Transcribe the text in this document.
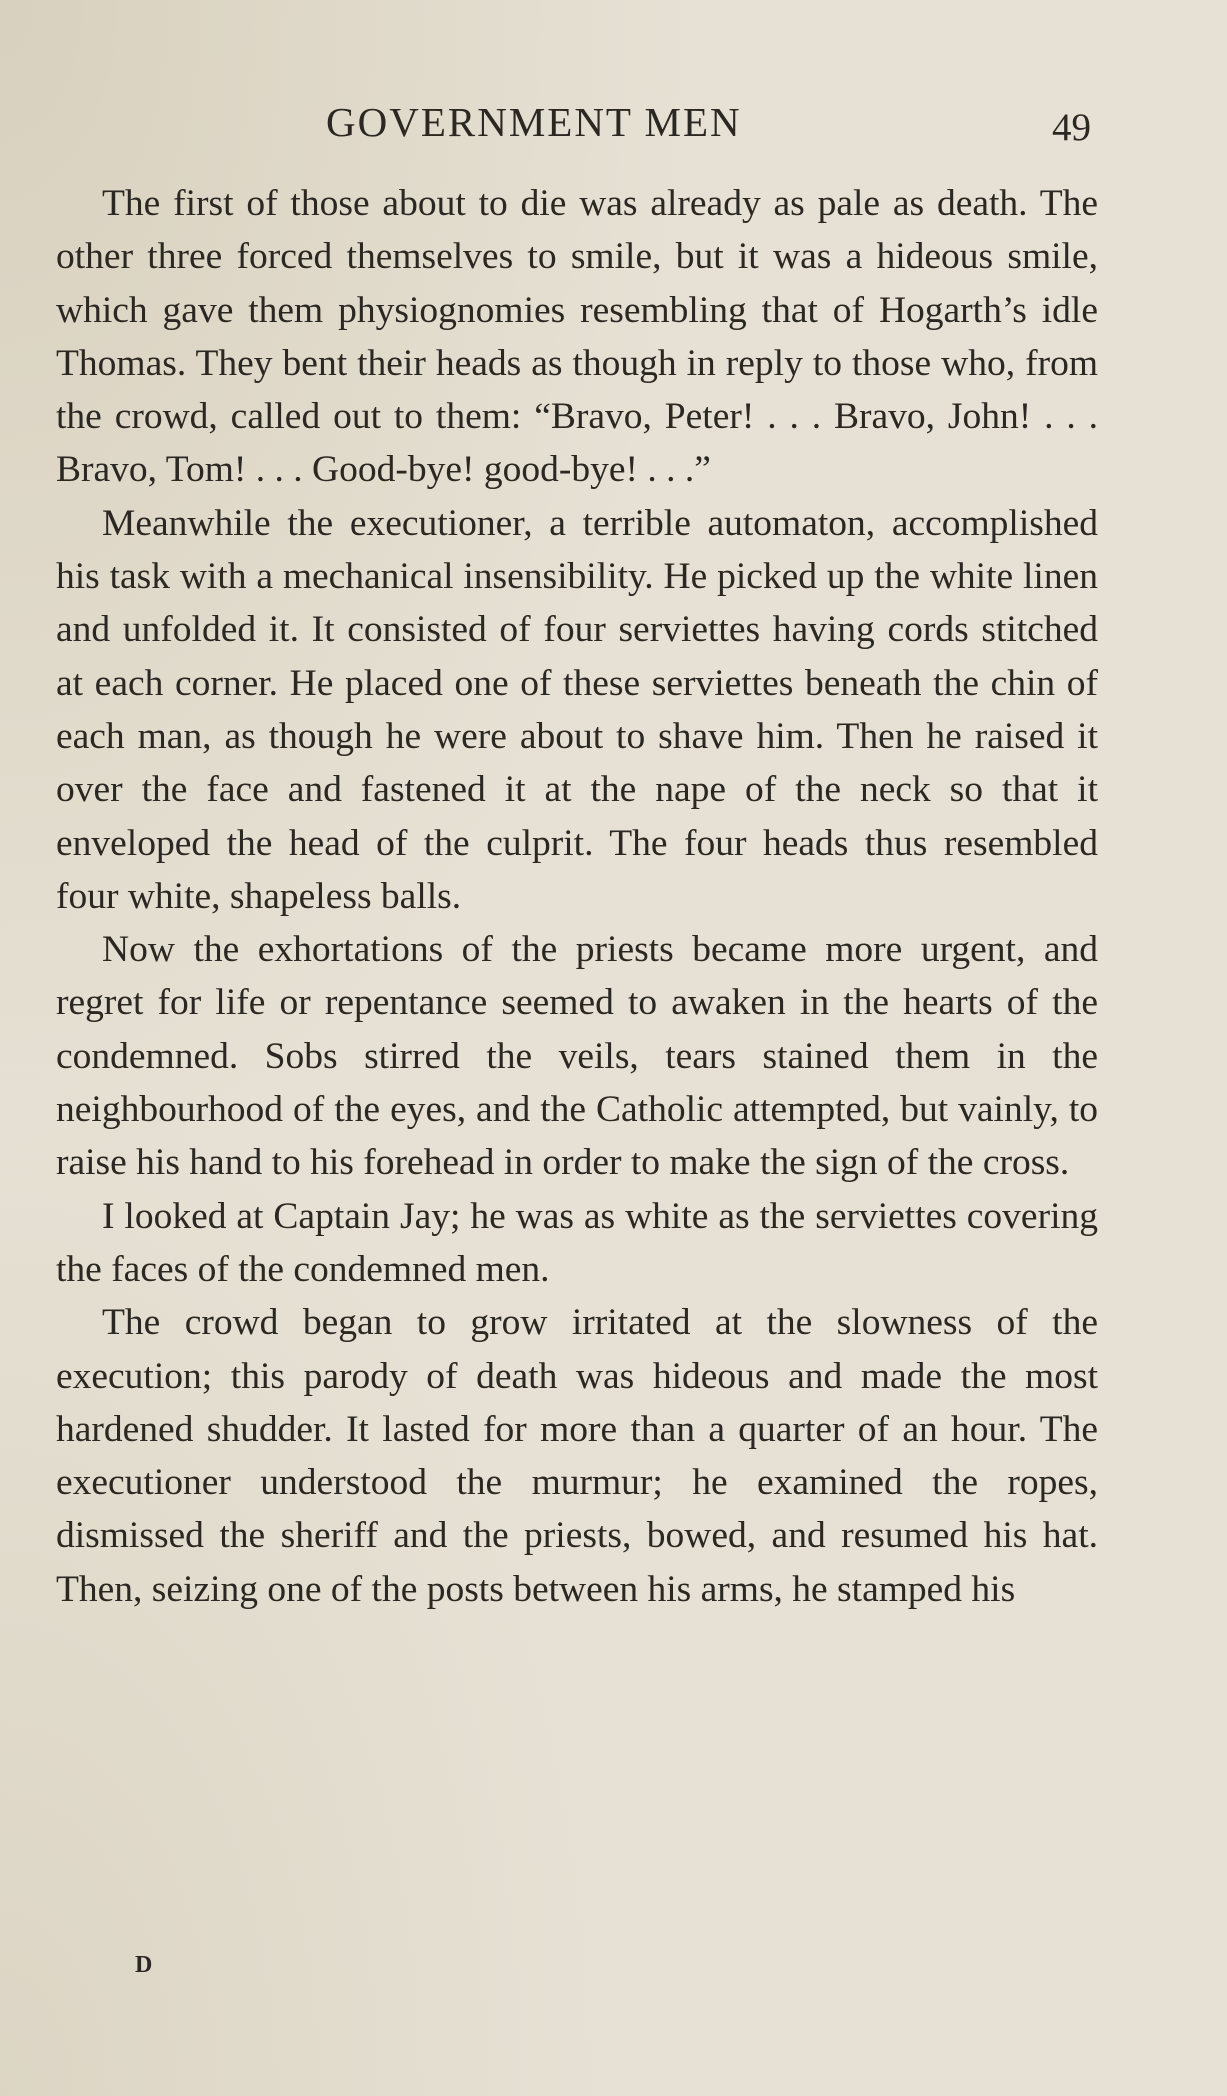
GOVERNMENT MEN	49

The first of those about to die was already as pale as death. The other three forced themselves to smile, but it was a hideous smile, which gave them physiognomies resembling that of Hogarth’s idle Thomas. They bent their heads as though in reply to those who, from the crowd, called out to them: “Bravo, Peter! . . . Bravo, John! . . . Bravo, Tom! . . . Good-bye! good-bye! . . .”

Meanwhile the executioner, a terrible automaton, accomplished his task with a mechanical insensibility. He picked up the white linen and unfolded it. It consisted of four serviettes having cords stitched at each corner. He placed one of these serviettes beneath the chin of each man, as though he were about to shave him. Then he raised it over the face and fastened it at the nape of the neck so that it enveloped the head of the culprit. The four heads thus resembled four white, shapeless balls.

Now the exhortations of the priests became more urgent, and regret for life or repentance seemed to awaken in the hearts of the condemned. Sobs stirred the veils, tears stained them in the neighbourhood of the eyes, and the Catholic attempted, but vainly, to raise his hand to his forehead in order to make the sign of the cross.

I looked at Captain Jay; he was as white as the serviettes covering the faces of the condemned men.

The crowd began to grow irritated at the slowness of the execution; this parody of death was hideous and made the most hardened shudder. It lasted for more than a quarter of an hour. The executioner understood the murmur; he examined the ropes, dismissed the sheriff and the priests, bowed, and resumed his hat. Then, seizing one of the posts between his arms, he stamped his

D
